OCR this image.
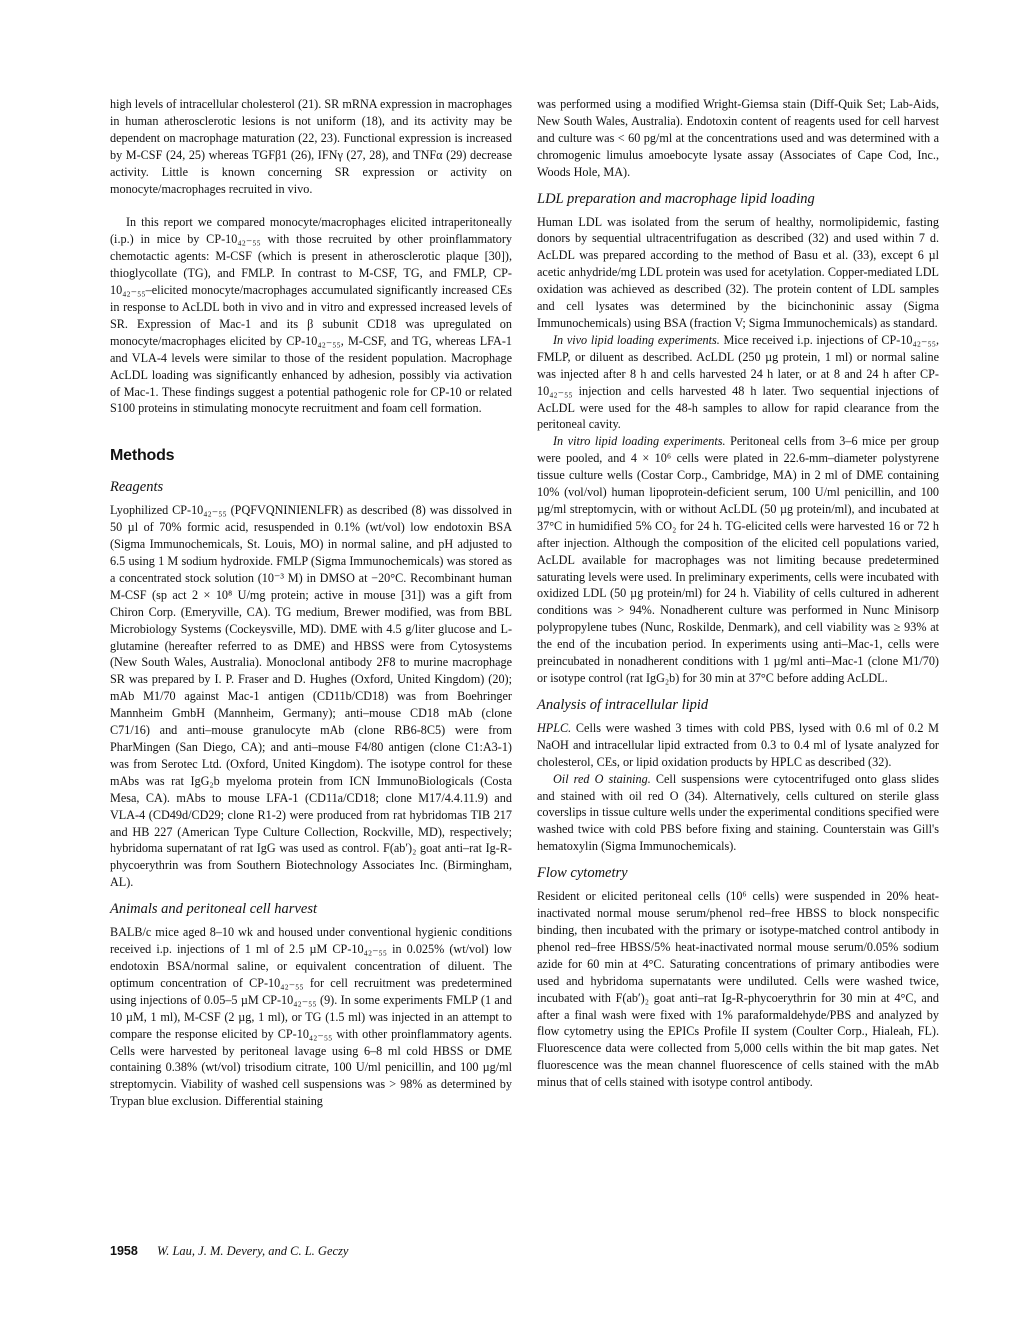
high levels of intracellular cholesterol (21). SR mRNA expression in macrophages in human atherosclerotic lesions is not uniform (18), and its activity may be dependent on macrophage maturation (22, 23). Functional expression is increased by M-CSF (24, 25) whereas TGFβ1 (26), IFNγ (27, 28), and TNFα (29) decrease activity. Little is known concerning SR expression or activity on monocyte/macrophages recruited in vivo.

In this report we compared monocyte/macrophages elicited intraperitoneally (i.p.) in mice by CP-10₄₂₋₅₅ with those recruited by other proinflammatory chemotactic agents: M-CSF (which is present in atherosclerotic plaque [30]), thioglycollate (TG), and FMLP. In contrast to M-CSF, TG, and FMLP, CP-10₄₂₋₅₅–elicited monocyte/macrophages accumulated significantly increased CEs in response to AcLDL both in vivo and in vitro and expressed increased levels of SR. Expression of Mac-1 and its β subunit CD18 was upregulated on monocyte/macrophages elicited by CP-10₄₂₋₅₅, M-CSF, and TG, whereas LFA-1 and VLA-4 levels were similar to those of the resident population. Macrophage AcLDL loading was significantly enhanced by adhesion, possibly via activation of Mac-1. These findings suggest a potential pathogenic role for CP-10 or related S100 proteins in stimulating monocyte recruitment and foam cell formation.

Methods
Reagents

Lyophilized CP-10₄₂₋₅₅ (PQFVQNINIENLFR) as described (8) was dissolved in 50 µl of 70% formic acid, resuspended in 0.1% (wt/vol) low endotoxin BSA (Sigma Immunochemicals, St. Louis, MO) in normal saline, and pH adjusted to 6.5 using 1 M sodium hydroxide. FMLP (Sigma Immunochemicals) was stored as a concentrated stock solution (10⁻³ M) in DMSO at −20°C. Recombinant human M-CSF (sp act 2 × 10⁸ U/mg protein; active in mouse [31]) was a gift from Chiron Corp. (Emeryville, CA). TG medium, Brewer modified, was from BBL Microbiology Systems (Cockeysville, MD). DME with 4.5 g/liter glucose and L-glutamine (hereafter referred to as DME) and HBSS were from Cytosystems (New South Wales, Australia). Monoclonal antibody 2F8 to murine macrophage SR was prepared by I. P. Fraser and D. Hughes (Oxford, United Kingdom) (20); mAb M1/70 against Mac-1 antigen (CD11b/CD18) was from Boehringer Mannheim GmbH (Mannheim, Germany); anti–mouse CD18 mAb (clone C71/16) and anti–mouse granulocyte mAb (clone RB6-8C5) were from PharMingen (San Diego, CA); and anti–mouse F4/80 antigen (clone C1:A3-1) was from Serotec Ltd. (Oxford, United Kingdom). The isotype control for these mAbs was rat IgG₂b myeloma protein from ICN ImmunoBiologicals (Costa Mesa, CA). mAbs to mouse LFA-1 (CD11a/CD18; clone M17/4.4.11.9) and VLA-4 (CD49d/CD29; clone R1-2) were produced from rat hybridomas TIB 217 and HB 227 (American Type Culture Collection, Rockville, MD), respectively; hybridoma supernatant of rat IgG was used as control. F(ab′)₂ goat anti–rat Ig-R-phycoerythrin was from Southern Biotechnology Associates Inc. (Birmingham, AL).

Animals and peritoneal cell harvest

BALB/c mice aged 8–10 wk and housed under conventional hygienic conditions received i.p. injections of 1 ml of 2.5 µM CP-10₄₂₋₅₅ in 0.025% (wt/vol) low endotoxin BSA/normal saline, or equivalent concentration of diluent. The optimum concentration of CP-10₄₂₋₅₅ for cell recruitment was predetermined using injections of 0.05–5 µM CP-10₄₂₋₅₅ (9). In some experiments FMLP (1 and 10 µM, 1 ml), M-CSF (2 µg, 1 ml), or TG (1.5 ml) was injected in an attempt to compare the response elicited by CP-10₄₂₋₅₅ with other proinflammatory agents. Cells were harvested by peritoneal lavage using 6–8 ml cold HBSS or DME containing 0.38% (wt/vol) trisodium citrate, 100 U/ml penicillin, and 100 µg/ml streptomycin. Viability of washed cell suspensions was > 98% as determined by Trypan blue exclusion. Differential staining

was performed using a modified Wright-Giemsa stain (Diff-Quik Set; Lab-Aids, New South Wales, Australia). Endotoxin content of reagents used for cell harvest and culture was < 60 pg/ml at the concentrations used and was determined with a chromogenic limulus amoebocyte lysate assay (Associates of Cape Cod, Inc., Woods Hole, MA).

LDL preparation and macrophage lipid loading

Human LDL was isolated from the serum of healthy, normolipidemic, fasting donors by sequential ultracentrifugation as described (32) and used within 7 d. AcLDL was prepared according to the method of Basu et al. (33), except 6 µl acetic anhydride/mg LDL protein was used for acetylation. Copper-mediated LDL oxidation was achieved as described (32). The protein content of LDL samples and cell lysates was determined by the bicinchoninic assay (Sigma Immunochemicals) using BSA (fraction V; Sigma Immunochemicals) as standard.

In vivo lipid loading experiments. Mice received i.p. injections of CP-10₄₂₋₅₅, FMLP, or diluent as described. AcLDL (250 µg protein, 1 ml) or normal saline was injected after 8 h and cells harvested 24 h later, or at 8 and 24 h after CP-10₄₂₋₅₅ injection and cells harvested 48 h later. Two sequential injections of AcLDL were used for the 48-h samples to allow for rapid clearance from the peritoneal cavity.

In vitro lipid loading experiments. Peritoneal cells from 3–6 mice per group were pooled, and 4 × 10⁶ cells were plated in 22.6-mm–diameter polystyrene tissue culture wells (Costar Corp., Cambridge, MA) in 2 ml of DME containing 10% (vol/vol) human lipoprotein-deficient serum, 100 U/ml penicillin, and 100 µg/ml streptomycin, with or without AcLDL (50 µg protein/ml), and incubated at 37°C in humidified 5% CO₂ for 24 h. TG-elicited cells were harvested 16 or 72 h after injection. Although the composition of the elicited cell populations varied, AcLDL available for macrophages was not limiting because predetermined saturating levels were used. In preliminary experiments, cells were incubated with oxidized LDL (50 µg protein/ml) for 24 h. Viability of cells cultured in adherent conditions was > 94%. Nonadherent culture was performed in Nunc Minisorp polypropylene tubes (Nunc, Roskilde, Denmark), and cell viability was ≥ 93% at the end of the incubation period. In experiments using anti–Mac-1, cells were preincubated in nonadherent conditions with 1 µg/ml anti–Mac-1 (clone M1/70) or isotype control (rat IgG₂b) for 30 min at 37°C before adding AcLDL.

Analysis of intracellular lipid

HPLC. Cells were washed 3 times with cold PBS, lysed with 0.6 ml of 0.2 M NaOH and intracellular lipid extracted from 0.3 to 0.4 ml of lysate analyzed for cholesterol, CEs, or lipid oxidation products by HPLC as described (32).

Oil red O staining. Cell suspensions were cytocentrifuged onto glass slides and stained with oil red O (34). Alternatively, cells cultured on sterile glass coverslips in tissue culture wells under the experimental conditions specified were washed twice with cold PBS before fixing and staining. Counterstain was Gill's hematoxylin (Sigma Immunochemicals).

Flow cytometry

Resident or elicited peritoneal cells (10⁶ cells) were suspended in 20% heat-inactivated normal mouse serum/phenol red–free HBSS to block nonspecific binding, then incubated with the primary or isotype-matched control antibody in phenol red–free HBSS/5% heat-inactivated normal mouse serum/0.05% sodium azide for 60 min at 4°C. Saturating concentrations of primary antibodies were used and hybridoma supernatants were undiluted. Cells were washed twice, incubated with F(ab′)₂ goat anti–rat Ig-R-phycoerythrin for 30 min at 4°C, and after a final wash were fixed with 1% paraformaldehyde/PBS and analyzed by flow cytometry using the EPICs Profile II system (Coulter Corp., Hialeah, FL). Fluorescence data were collected from 5,000 cells within the bit map gates. Net fluorescence was the mean channel fluorescence of cells stained with the mAb minus that of cells stained with isotype control antibody.

1958 W. Lau, J. M. Devery, and C. L. Geczy
